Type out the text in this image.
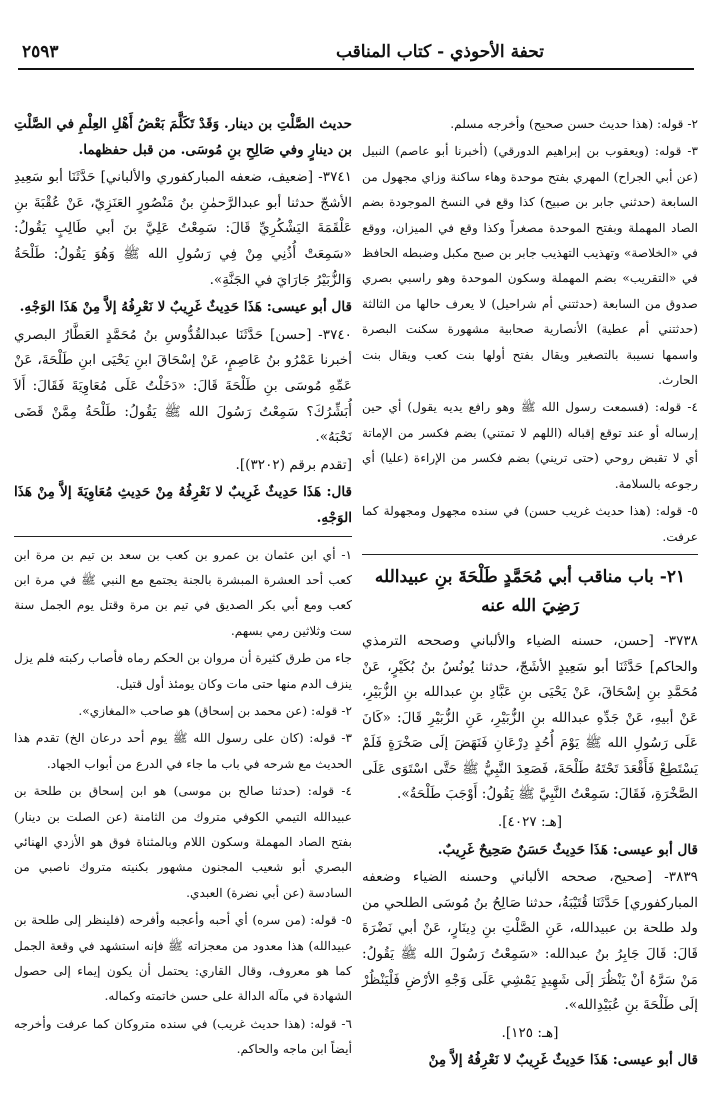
٢٥٩٣	تحفة الأحوذي - كتاب المناقب

٢- قوله: (هذا حديث حسن صحيح) وأخرجه مسلم.

٣- قوله: (ويعقوب بن إبراهيم الدورقي) (أخبرنا أبو عاصم) النبيل (عن أبي الجراح) المهري بفتح موحدة وهاء ساكنة وزاي مجهول من السابعة (حدثني جابر بن صبيح) كذا وقع في النسخ الموجودة بضم الصاد المهملة وبفتح الموحدة مصغراً وكذا وقع في الميزان، ووقع في «الخلاصة» وتهذيب التهذيب جابر بن صبح مكبل وضبطه الحافظ في «التقريب» بضم المهملة وسكون الموحدة وهو راسبي بصري صدوق من السابعة (حدثتني أم شراحيل) لا يعرف حالها من الثالثة (حدثتني أم عطية) الأنصارية صحابية مشهورة سكنت البصرة واسمها نسيبة بالتصغير ويقال بفتح أولها بنت كعب ويقال بنت الحارث.

٤- قوله: (فسمعت رسول الله ﷺ وهو رافع يديه يقول) أي حين إرساله أو عند توقع إقباله (اللهم لا تمتني) بضم فكسر من الإماتة أي لا تقبض روحي (حتى تريني) بضم فكسر من الإراءة (عليا) أي رجوعه بالسلامة.

٥- قوله: (هذا حديث غريب حسن) في سنده مجهول ومجهولة كما عرفت.

٢١- باب مناقب أبي مُحَمَّدٍ طَلْحَةَ بنِ عبيدالله رَضِيَ الله عنه

٣٧٣٨- [حسن، حسنه الضياء والألباني وصححه الترمذي والحاكم] حَدَّثَنَا أبو سَعِيدٍ الأشَجّ، حدثنا يُونُسُ بنُ بُكَيْرٍ، عَنْ مُحَمَّدِ بنِ إسْحَاقَ، عَنْ يَحْيَى بنِ عَبَّادِ بنِ عبدالله بنِ الزُّبَيْرِ، عَنْ أبيهِ، عَنْ جَدِّهِ عبدالله بنِ الزُّبَيْرِ، عَنِ الزُّبَيْرِ قَالَ: «كَانَ عَلَى رَسُولِ الله ﷺ يَوْمَ أُحُدٍ دِرْعَانِ فَنَهَضَ إلَى صَخْرَةٍ فَلَمْ يَسْتَطِعْ فَأَقْعَدَ تَحْتَهُ طَلْحَةَ، فَصَعِدَ النَّبِيُّ ﷺ حَتَّى اسْتَوَى عَلَى الصَّخْرَةِ، فَقَالَ: سَمِعْتُ النَّبِيَّ ﷺ يَقُولُ: أَوْجَبَ طَلْحَةُ».

[هـ: ٤٠٢٧].

قال أبو عيسى: هَذَا حَدِيثٌ حَسَنٌ صَحِيحٌ غَرِيبٌ.

٣٨٣٩- [صحيح، صححه الألباني وحسنه الضياء وضعفه المباركفوري] حَدَّثَنَا قُتَيْبَةُ، حدثنا صَالِحُ بنُ مُوسَى الطلحي من ولد طلحة بن عبيدالله، عَنِ الصَّلْتِ بنِ دِينَارٍ، عَنْ أبي نَضْرَةَ قَالَ: قَالَ جَابِرُ بنُ عبدالله: «سَمِعْتُ رَسُولَ الله ﷺ يَقُولُ: مَنْ سَرَّهُ أنْ يَنْظُرَ إلَى شَهِيدٍ يَمْشِي عَلَى وَجْهِ الأرْضِ فَلْيَنْظُرْ إلَى طَلْحَةَ بنِ عُبَيْدِالله».

[هـ: ١٢٥].

قال أبو عيسى: هَذَا حَدِيثٌ غَرِيبٌ لا نَعْرِفُهُ إلاَّ مِنْ

حديث الصَّلْتِ بن دينار. وَقَدْ تَكَلَّمَ بَعْضُ أَهْلِ العِلْمِ في الصَّلْتِ بن دينارٍ وفي صَالِحِ بنِ مُوسَى. من قبل حفظهما.

٣٧٤١- [ضعيف، ضعفه المباركفوري والألباني] حَدَّثَنَا أبو سَعِيدِ الأشجّ حدثنا أبو عبدالرَّحمٰنِ بنُ مَنْصُورٍ العَنَزِيّ، عَنْ عُقْبَةَ بنِ عَلْقَمَةَ اليَشْكُرِيِّ قَالَ: سَمِعْتُ عَلِيَّ بنَ أبي طَالِبٍ يَقُولُ: «سَمِعَتْ أُذُنِي مِنْ فِي رَسُولِ الله ﷺ وَهُوَ يَقُولُ: طَلْحَةُ وَالزُّبَيْرُ جَارَايَ في الجَنَّةِ».

قال أبو عيسى: هَذَا حَدِيثٌ غَرِيبٌ لا نَعْرِفُهُ إلاَّ مِنْ هَذَا الوَجْهِ.

٣٧٤٠- [حسن] حَدَّثَنَا عبدالقُدُّوسِ بنُ مُحَمَّدٍ العَطَّارُ البصري أخبرنا عَمْرُو بنُ عَاصِمٍ، عَنْ إسْحَاقَ ابنِ يَحْيَى ابنِ طَلْحَةَ، عَنْ عَمِّهِ مُوسَى بنِ طَلْحَةَ قَالَ: «دَخَلْتُ عَلَى مُعَاوِيَةَ فَقَالَ: أَلاَ أُبَشِّرُكَ؟ سَمِعْتُ رَسُولَ الله ﷺ يَقُولُ: طَلْحَةُ مِمَّنْ قَضَى نَحْبَهُ».

[تقدم برقم (٣٢٠٢)].

قال: هَذَا حَدِيثٌ غَرِيبٌ لا نَعْرِفُهُ مِنْ حَدِيثِ مُعَاوِيَةَ إلاَّ مِنْ هَذَا الوَجْهِ.

١- أي ابن عثمان بن عمرو بن كعب بن سعد بن تيم بن مرة ابن كعب أحد العشرة المبشرة بالجنة يجتمع مع النبي ﷺ في مرة ابن كعب ومع أبي بكر الصديق في تيم بن مرة وقتل يوم الجمل سنة ست وثلاثين رمي بسهم.

جاء من طرق كثيرة أن مروان بن الحكم رماه فأصاب ركبته فلم يزل ينزف الدم منها حتى مات وكان يومئذ أول قتيل.

٢- قوله: (عن محمد بن إسحاق) هو صاحب «المغازي».

٣- قوله: (كان على رسول الله ﷺ يوم أحد درعان الخ) تقدم هذا الحديث مع شرحه في باب ما جاء في الدرع من أبواب الجهاد.

٤- قوله: (حدثنا صالح بن موسى) هو ابن إسحاق بن طلحة بن عبيدالله التيمي الكوفي متروك من الثامنة (عن الصلت بن دينار) بفتح الصاد المهملة وسكون اللام وبالمثناة فوق هو الأزدي الهنائي البصري أبو شعيب المجنون مشهور بكنيته متروك ناصبي من السادسة (عن أبي نضرة) العبدي.

٥- قوله: (من سره) أي أحبه وأعجبه وأفرحه (فلينظر إلى طلحة بن عبيدالله) هذا معدود من معجزاته ﷺ فإنه استشهد في وقعة الجمل كما هو معروف، وقال القاري: يحتمل أن يكون إيماء إلى حصول الشهادة في مآله الدالة على حسن خاتمته وكماله.

٦- قوله: (هذا حديث غريب) في سنده متروكان كما عرفت وأخرجه أيضاً ابن ماجه والحاكم.
